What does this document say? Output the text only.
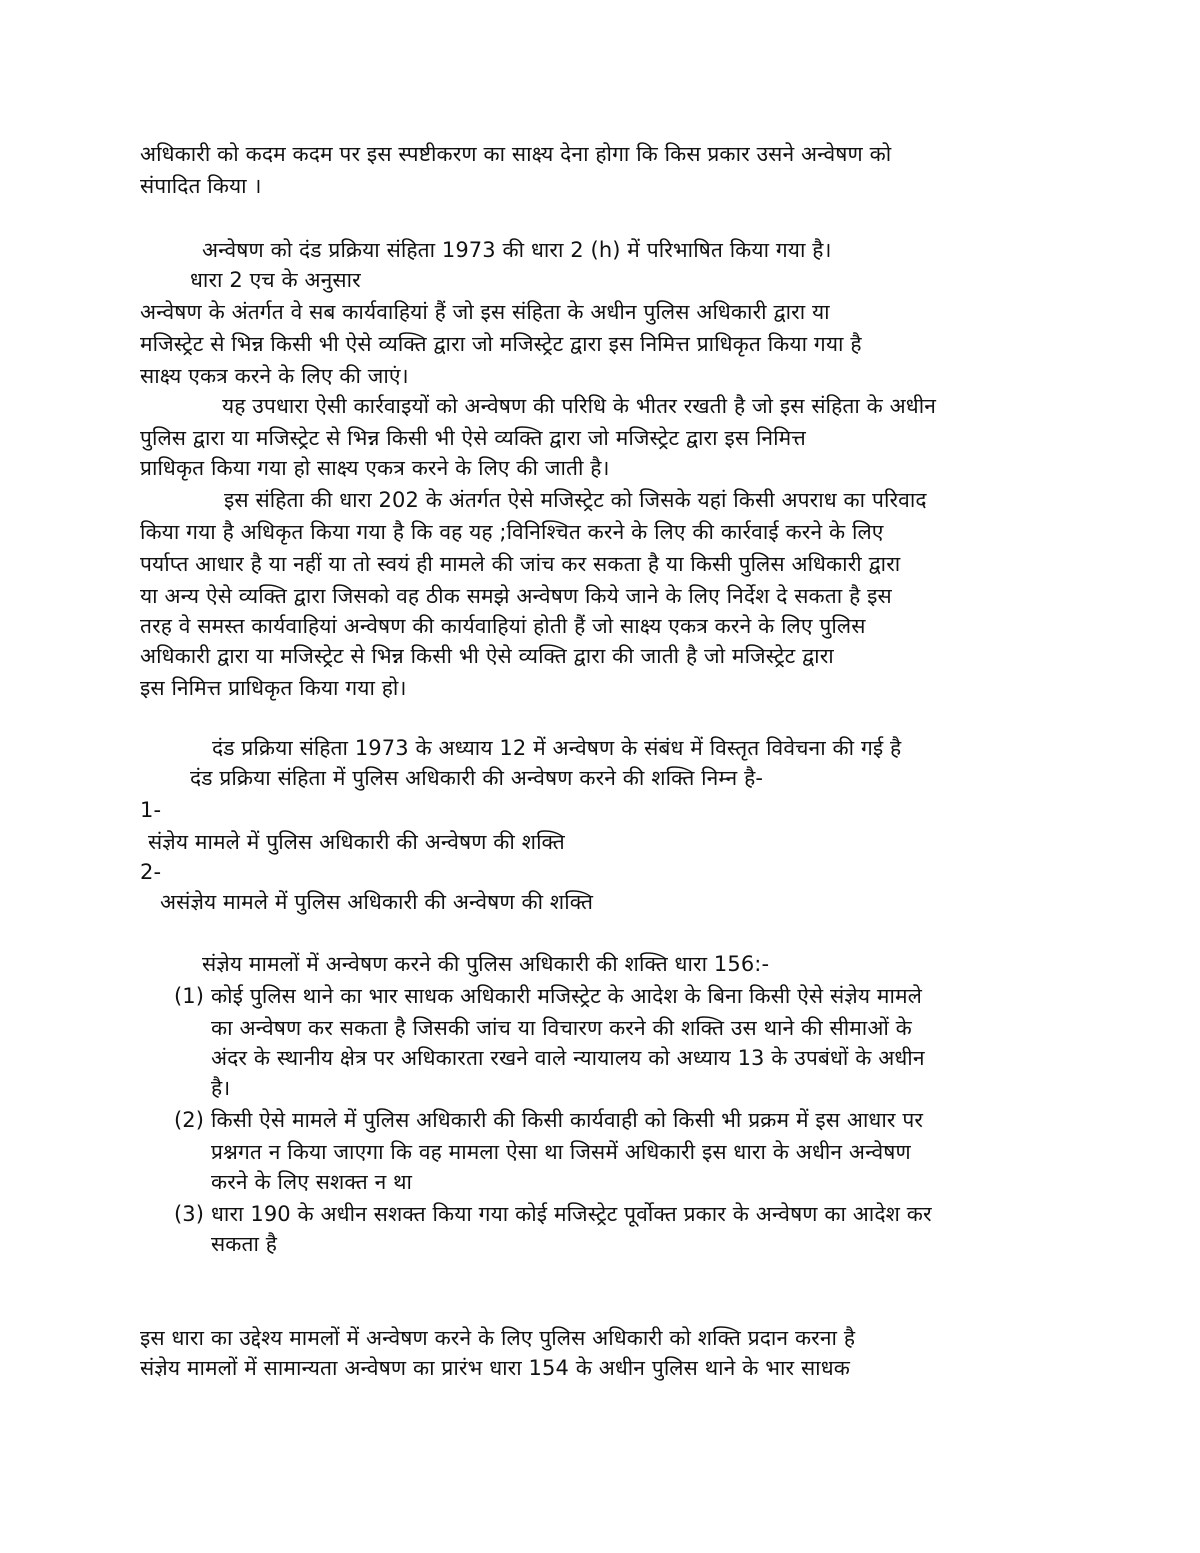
अधिकारी को कदम कदम पर इस स्पष्टीकरण का साक्ष्य देना होगा कि किस प्रकार उसने अन्वेषण को
संपादित किया ।
अन्वेषण को दंड प्रक्रिया संहिता 1973 की धारा 2 (h) में परिभाषित किया गया है।
धारा 2 एच के अनुसार
अन्वेषण के अंतर्गत वे सब कार्यवाहियां हैं जो इस संहिता के अधीन पुलिस अधिकारी द्वारा या
मजिस्ट्रेट से भिन्न किसी भी ऐसे व्यक्ति द्वारा जो मजिस्ट्रेट द्वारा इस निमित्त प्राधिकृत किया गया है
साक्ष्य एकत्र करने के लिए की जाएं।
यह उपधारा ऐसी कार्रवाइयों को अन्वेषण की परिधि के भीतर रखती है जो इस संहिता के अधीन
पुलिस द्वारा या मजिस्ट्रेट से भिन्न किसी भी ऐसे व्यक्ति द्वारा जो मजिस्ट्रेट द्वारा इस निमित्त
प्राधिकृत किया गया हो साक्ष्य एकत्र करने के लिए की जाती है।
इस संहिता की धारा 202 के अंतर्गत ऐसे मजिस्ट्रेट को जिसके यहां किसी अपराध का परिवाद
किया गया है अधिकृत किया गया है कि वह यह ;विनिश्चित करने के लिए की कार्रवाई करने के लिए
पर्याप्त आधार है या नहीं या तो स्वयं ही मामले की जांच कर सकता है या किसी पुलिस अधिकारी द्वारा
या अन्य ऐसे व्यक्ति द्वारा जिसको वह ठीक समझे अन्वेषण किये जाने के लिए निर्देश दे सकता है इस
तरह वे समस्त कार्यवाहियां अन्वेषण की कार्यवाहियां होती हैं जो साक्ष्य एकत्र करने के लिए पुलिस
अधिकारी द्वारा या मजिस्ट्रेट से भिन्न किसी भी ऐसे व्यक्ति द्वारा की जाती है जो मजिस्ट्रेट द्वारा
इस निमित्त प्राधिकृत किया गया हो।
दंड प्रक्रिया संहिता 1973 के अध्याय 12 में अन्वेषण के संबंध में विस्तृत विवेचना की गई है
दंड प्रक्रिया संहिता में पुलिस अधिकारी की अन्वेषण करने की शक्ति निम्न है-
1-
संज्ञेय मामले में पुलिस अधिकारी की अन्वेषण की शक्ति
2-
असंज्ञेय मामले में पुलिस अधिकारी की अन्वेषण की शक्ति
संज्ञेय मामलों में अन्वेषण करने की पुलिस अधिकारी की शक्ति धारा 156:-
(1) कोई पुलिस थाने का भार साधक अधिकारी मजिस्ट्रेट के आदेश के बिना किसी ऐसे संज्ञेय मामले
का अन्वेषण कर सकता है जिसकी जांच या विचारण करने की शक्ति उस थाने की सीमाओं के
अंदर के स्थानीय क्षेत्र पर अधिकारता रखने वाले न्यायालय को अध्याय 13 के उपबंधों के अधीन
है।
(2) किसी ऐसे मामले में पुलिस अधिकारी की किसी कार्यवाही को किसी भी प्रक्रम में इस आधार पर
प्रश्नगत न किया जाएगा कि वह मामला ऐसा था जिसमें अधिकारी इस धारा के अधीन अन्वेषण
करने के लिए सशक्त न था
(3) धारा 190 के अधीन सशक्त किया गया कोई मजिस्ट्रेट पूर्वोक्त प्रकार के अन्वेषण का आदेश कर
सकता है
इस धारा का उद्देश्य मामलों में अन्वेषण करने के लिए पुलिस अधिकारी को शक्ति प्रदान करना है
संज्ञेय मामलों में सामान्यता अन्वेषण का प्रारंभ धारा 154 के अधीन पुलिस थाने के भार साधक
